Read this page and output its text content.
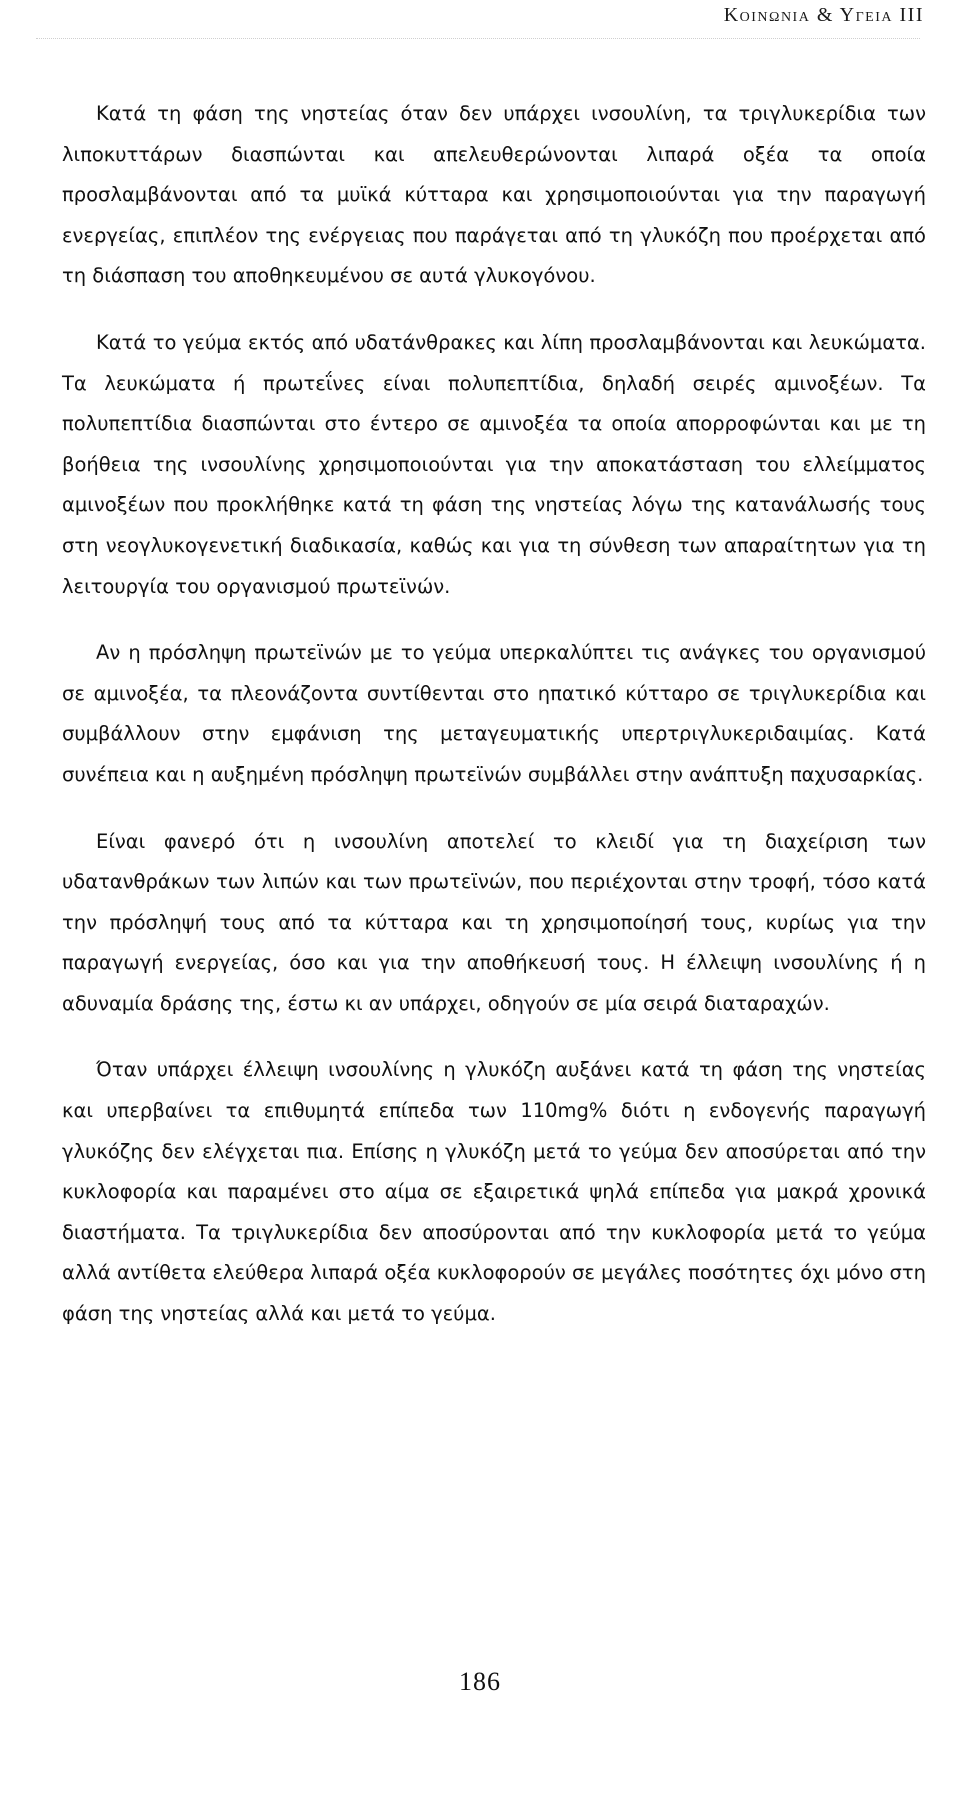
Κοινωνια & Υγεια ΙΙΙ

Κατά τη φάση της νηστείας όταν δεν υπάρχει ινσουλίνη, τα τριγλυκερίδια των λιποκυττάρων διασπώνται και απελευθερώνονται λιπαρά οξέα τα οποία προσλαμβάνονται από τα μυϊκά κύτταρα και χρησιμοποιούνται για την παραγωγή ενεργείας, επιπλέον της ενέργειας που παράγεται από τη γλυκόζη που προέρχεται από τη διάσπαση του αποθηκευμένου σε αυτά γλυκογόνου.

Κατά το γεύμα εκτός από υδατάνθρακες και λίπη προσλαμβάνονται και λευκώματα. Τα λευκώματα ή πρωτεΐνες είναι πολυπεπτίδια, δηλαδή σειρές αμινοξέων. Τα πολυπεπτίδια διασπώνται στο έντερο σε αμινοξέα τα οποία απορροφώνται και με τη βοήθεια της ινσουλίνης χρησιμοποιούνται για την αποκατάσταση του ελλείμματος αμινοξέων που προκλήθηκε κατά τη φάση της νηστείας λόγω της κατανάλωσής τους στη νεογλυκογενετική διαδικασία, καθώς και για τη σύνθεση των απαραίτητων για τη λειτουργία του οργανισμού πρωτεϊνών.

Αν η πρόσληψη πρωτεϊνών με το γεύμα υπερκαλύπτει τις ανάγκες του οργανισμού σε αμινοξέα, τα πλεονάζοντα συντίθενται στο ηπατικό κύτταρο σε τριγλυκερίδια και συμβάλλουν στην εμφάνιση της μεταγευματικής υπερτριγλυκεριδαιμίας. Κατά συνέπεια και η αυξημένη πρόσληψη πρωτεϊνών συμβάλλει στην ανάπτυξη παχυσαρκίας.

Είναι φανερό ότι η ινσουλίνη αποτελεί το κλειδί για τη διαχείριση των υδατανθράκων των λιπών και των πρωτεϊνών, που περιέχονται στην τροφή, τόσο κατά την πρόσληψή τους από τα κύτταρα και τη χρησιμοποίησή τους, κυρίως για την παραγωγή ενεργείας, όσο και για την αποθήκευσή τους. Η έλλειψη ινσουλίνης ή η αδυναμία δράσης της, έστω κι αν υπάρχει, οδηγούν σε μία σειρά διαταραχών.

Όταν υπάρχει έλλειψη ινσουλίνης η γλυκόζη αυξάνει κατά τη φάση της νηστείας και υπερβαίνει τα επιθυμητά επίπεδα των 110mg% διότι η ενδογενής παραγωγή γλυκόζης δεν ελέγχεται πια. Επίσης η γλυκόζη μετά το γεύμα δεν αποσύρεται από την κυκλοφορία και παραμένει στο αίμα σε εξαιρετικά ψηλά επίπεδα για μακρά χρονικά διαστήματα. Τα τριγλυκερίδια δεν αποσύρονται από την κυκλοφορία μετά το γεύμα αλλά αντίθετα ελεύθερα λιπαρά οξέα κυκλοφορούν σε μεγάλες ποσότητες όχι μόνο στη φάση της νηστείας αλλά και μετά το γεύμα.

186
